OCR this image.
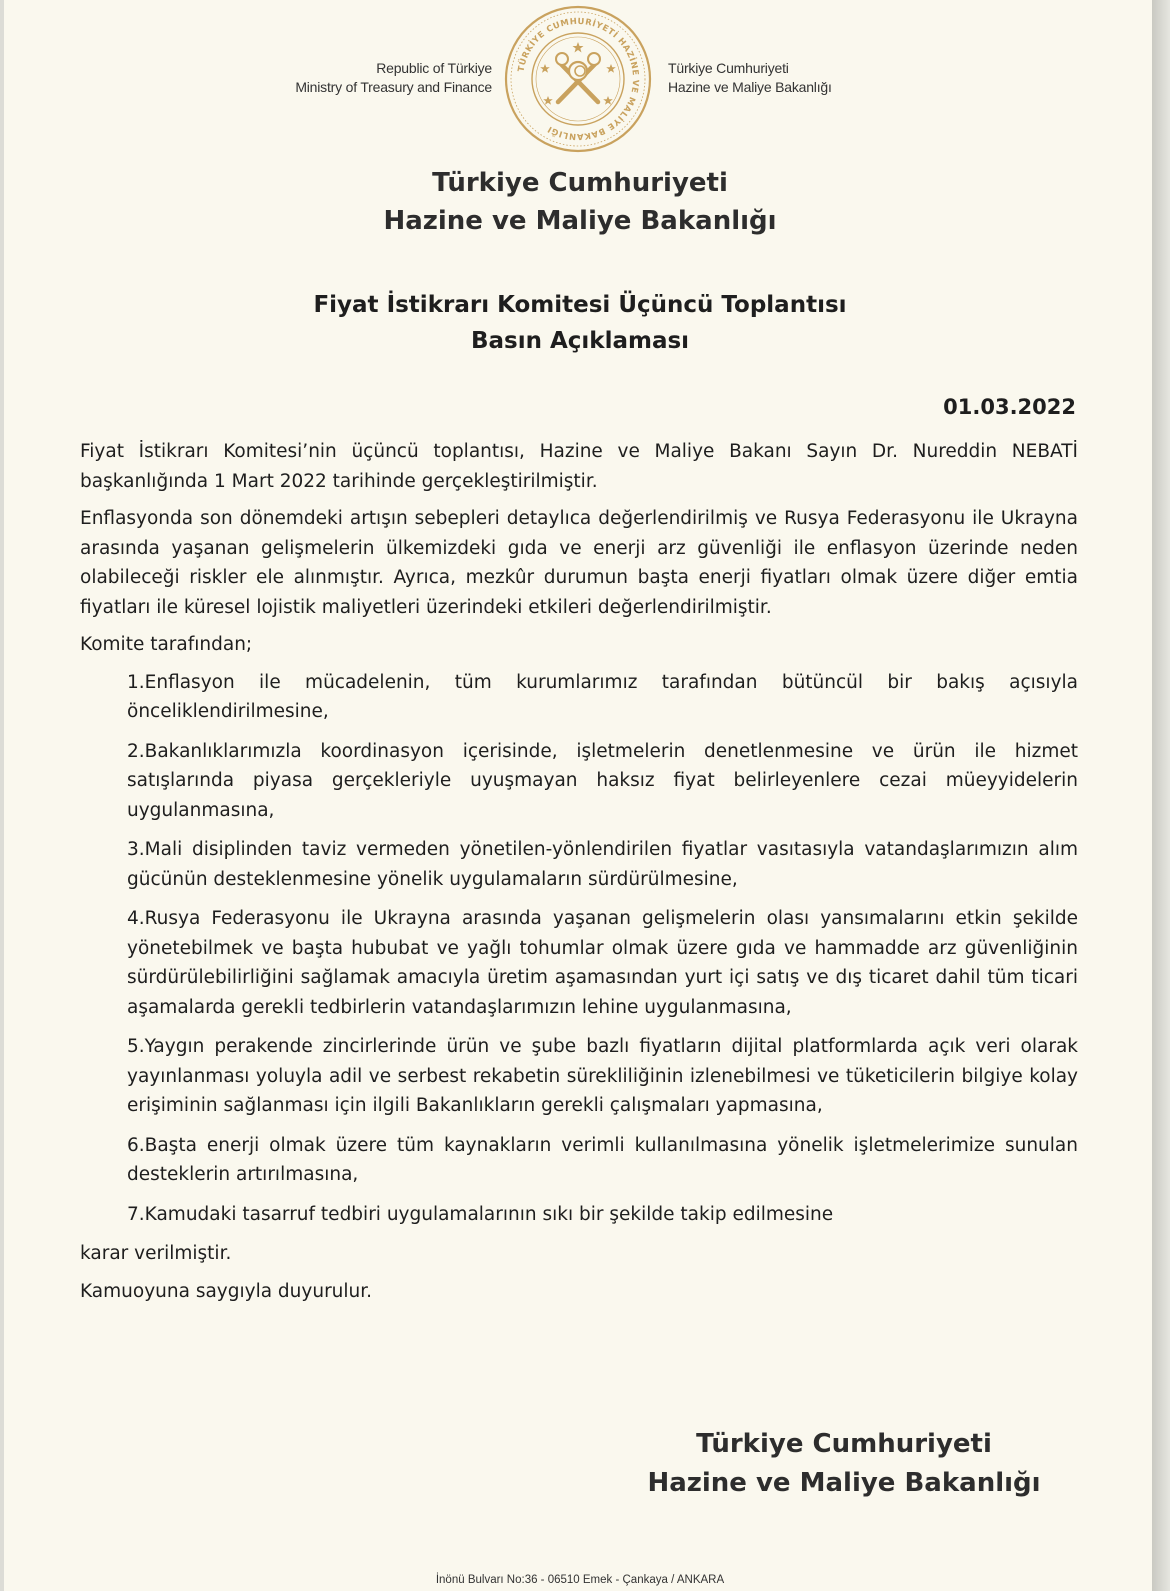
Republic of Türkiye
Ministry of Treasury and Finance
TÜRKİYE CUMHURİYETİ HAZİNE VE MALİYE BAKANLIĞI
Türkiye Cumhuriyeti
Hazine ve Maliye Bakanlığı
Türkiye Cumhuriyeti
Hazine ve Maliye Bakanlığı
Fiyat İstikrarı Komitesi Üçüncü Toplantısı
Basın Açıklaması
01.03.2022

Fiyat İstikrarı Komitesi’nin üçüncü toplantısı, Hazine ve Maliye Bakanı Sayın Dr. Nureddin NEBATİ başkanlığında 1 Mart 2022 tarihinde gerçekleştirilmiştir.

Enflasyonda son dönemdeki artışın sebepleri detaylıca değerlendirilmiş ve Rusya Federasyonu ile Ukrayna arasında yaşanan gelişmelerin ülkemizdeki gıda ve enerji arz güvenliği ile enflasyon üzerinde neden olabileceği riskler ele alınmıştır. Ayrıca, mezkûr durumun başta enerji fiyatları olmak üzere diğer emtia fiyatları ile küresel lojistik maliyetleri üzerindeki etkileri değerlendirilmiştir.

Komite tarafından;

1.Enflasyon ile mücadelenin, tüm kurumlarımız tarafından bütüncül bir bakış açısıyla önceliklendirilmesine,
2.Bakanlıklarımızla koordinasyon içerisinde, işletmelerin denetlenmesine ve ürün ile hizmet satışlarında piyasa gerçekleriyle uyuşmayan haksız fiyat belirleyenlere cezai müeyyidelerin uygulanmasına,
3.Mali disiplinden taviz vermeden yönetilen-yönlendirilen fiyatlar vasıtasıyla vatandaşlarımızın alım gücünün desteklenmesine yönelik uygulamaların sürdürülmesine,
4.Rusya Federasyonu ile Ukrayna arasında yaşanan gelişmelerin olası yansımalarını etkin şekilde yönetebilmek ve başta hububat ve yağlı tohumlar olmak üzere gıda ve hammadde arz güvenliğinin sürdürülebilirliğini sağlamak amacıyla üretim aşamasından yurt içi satış ve dış ticaret dahil tüm ticari aşamalarda gerekli tedbirlerin vatandaşlarımızın lehine uygulanmasına,
5.Yaygın perakende zincirlerinde ürün ve şube bazlı fiyatların dijital platformlarda açık veri olarak yayınlanması yoluyla adil ve serbest rekabetin sürekliliğinin izlenebilmesi ve tüketicilerin bilgiye kolay erişiminin sağlanması için ilgili Bakanlıkların gerekli çalışmaları yapmasına,
6.Başta enerji olmak üzere tüm kaynakların verimli kullanılmasına yönelik işletmelerimize sunulan desteklerin artırılmasına,
7.Kamudaki tasarruf tedbiri uygulamalarının sıkı bir şekilde takip edilmesine

karar verilmiştir.

Kamuoyuna saygıyla duyurulur.

Türkiye Cumhuriyeti
Hazine ve Maliye Bakanlığı
İnönü Bulvarı No:36 - 06510 Emek - Çankaya / ANKARA
